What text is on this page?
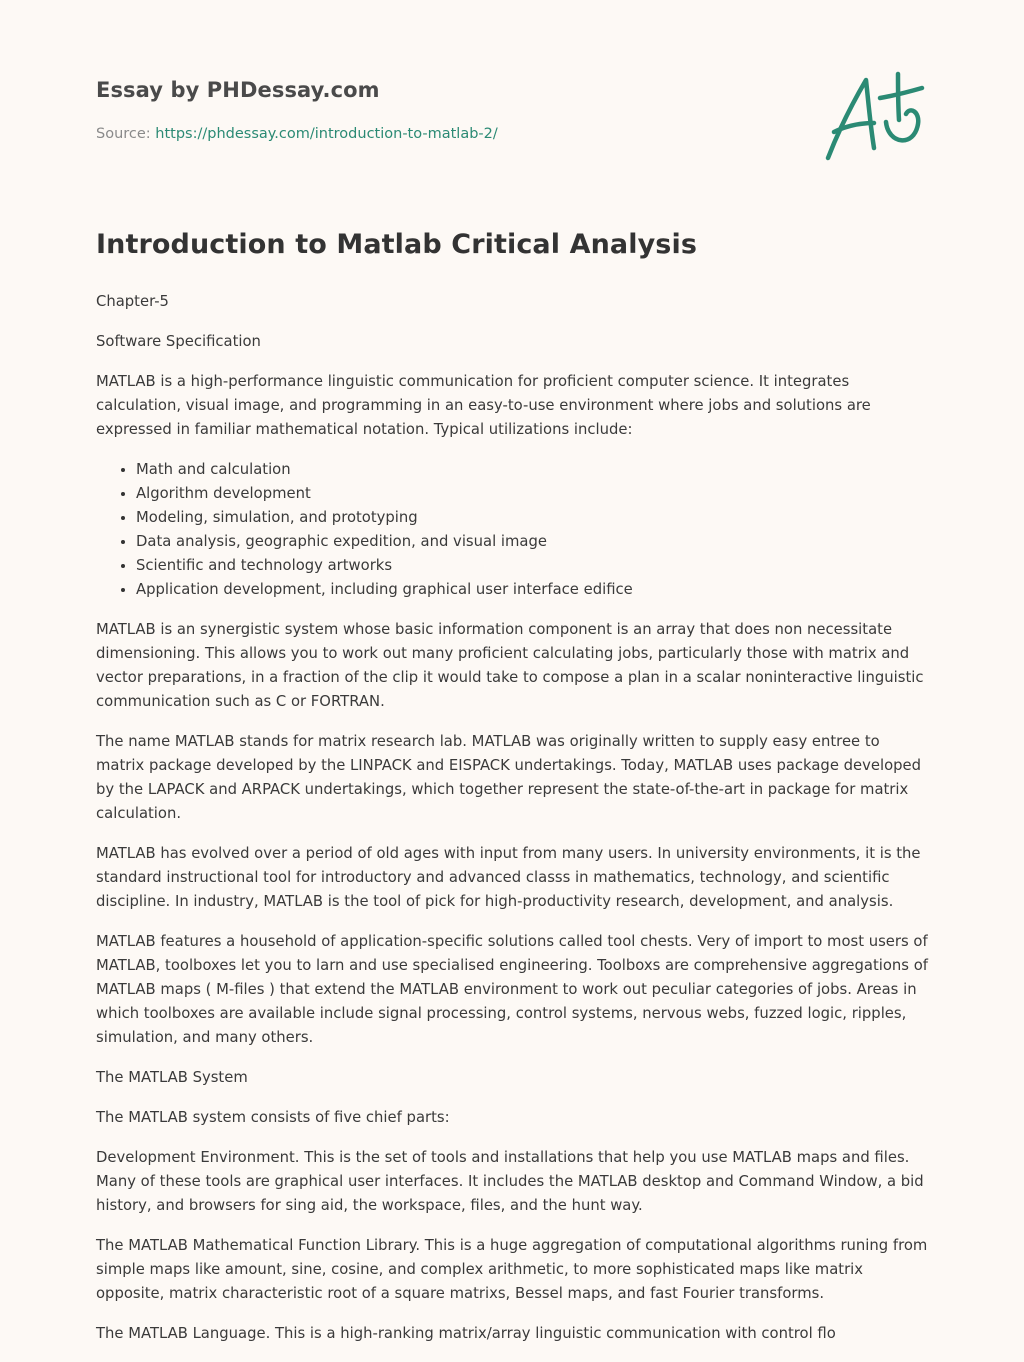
Essay by PHDessay.com
Source: https://phdessay.com/introduction-to-matlab-2/
Introduction to Matlab Critical Analysis

Chapter-5

Software Specification

MATLAB is a high-performance linguistic communication for proficient computer science. It integrates calculation, visual image, and programming in an easy-to-use environment where jobs and solutions are expressed in familiar mathematical notation. Typical utilizations include:

• Math and calculation
• Algorithm development
• Modeling, simulation, and prototyping
• Data analysis, geographic expedition, and visual image
• Scientific and technology artworks
• Application development, including graphical user interface edifice

MATLAB is an synergistic system whose basic information component is an array that does non necessitate dimensioning. This allows you to work out many proficient calculating jobs, particularly those with matrix and vector preparations, in a fraction of the clip it would take to compose a plan in a scalar noninteractive linguistic communication such as C or FORTRAN.

The name MATLAB stands for matrix research lab. MATLAB was originally written to supply easy entree to matrix package developed by the LINPACK and EISPACK undertakings. Today, MATLAB uses package developed by the LAPACK and ARPACK undertakings, which together represent the state-of-the-art in package for matrix calculation.

MATLAB has evolved over a period of old ages with input from many users. In university environments, it is the standard instructional tool for introductory and advanced classs in mathematics, technology, and scientific discipline. In industry, MATLAB is the tool of pick for high-productivity research, development, and analysis.

MATLAB features a household of application-specific solutions called tool chests. Very of import to most users of MATLAB, toolboxes let you to larn and use specialised engineering. Toolboxs are comprehensive aggregations of MATLAB maps ( M-files ) that extend the MATLAB environment to work out peculiar categories of jobs. Areas in which toolboxes are available include signal processing, control systems, nervous webs, fuzzed logic, ripples, simulation, and many others.

The MATLAB System

The MATLAB system consists of five chief parts:

Development Environment. This is the set of tools and installations that help you use MATLAB maps and files. Many of these tools are graphical user interfaces. It includes the MATLAB desktop and Command Window, a bid history, and browsers for sing aid, the workspace, files, and the hunt way.

The MATLAB Mathematical Function Library. This is a huge aggregation of computational algorithms runing from simple maps like amount, sine, cosine, and complex arithmetic, to more sophisticated maps like matrix opposite, matrix characteristic root of a square matrixs, Bessel maps, and fast Fourier transforms.

The MATLAB Language. This is a high-ranking matrix/array linguistic communication with control flo
